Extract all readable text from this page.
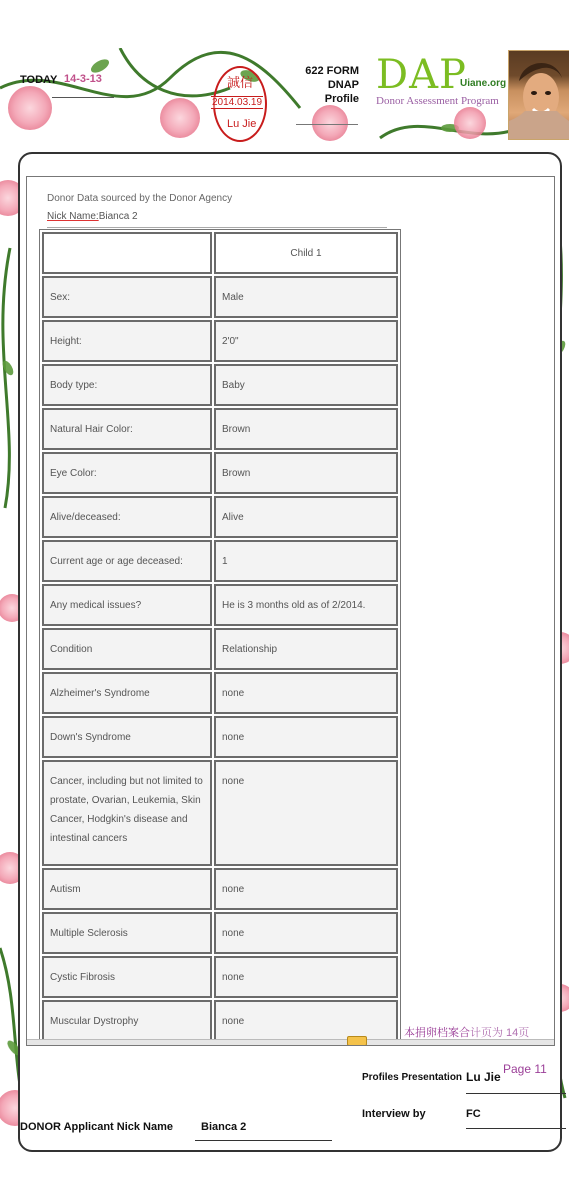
TODAY 14-3-13	誠信
2014.03.19
Lu Jie
622 FORM
DNAP Profile
DAP
Uiane.org
Donor Assessment Program
Donor Data sourced by the Donor Agency
Nick Name:Bianca 2
	Child 1
Sex:	Male
Height:	2'0"
Body type:	Baby
Natural Hair Color:	Brown
Eye Color:	Brown
Alive/deceased:	Alive
Current age or age deceased:	1
Any medical issues?	He is 3 months old as of 2/2014.
Condition	Relationship
Alzheimer's Syndrome	none
Down's Syndrome	none
Cancer, including but not limited to prostate, Ovarian, Leukemia, Skin Cancer, Hodgkin's disease and intestinal cancers	none
Autism	none
Multiple Sclerosis	none
Cystic Fibrosis	none
Muscular Dystrophy	none
本捐卵档案合计页为 14页
Profiles Presentation Lu Jie
Page 11
Interview by	FC
DONOR Applicant Nick Name	Bianca 2
